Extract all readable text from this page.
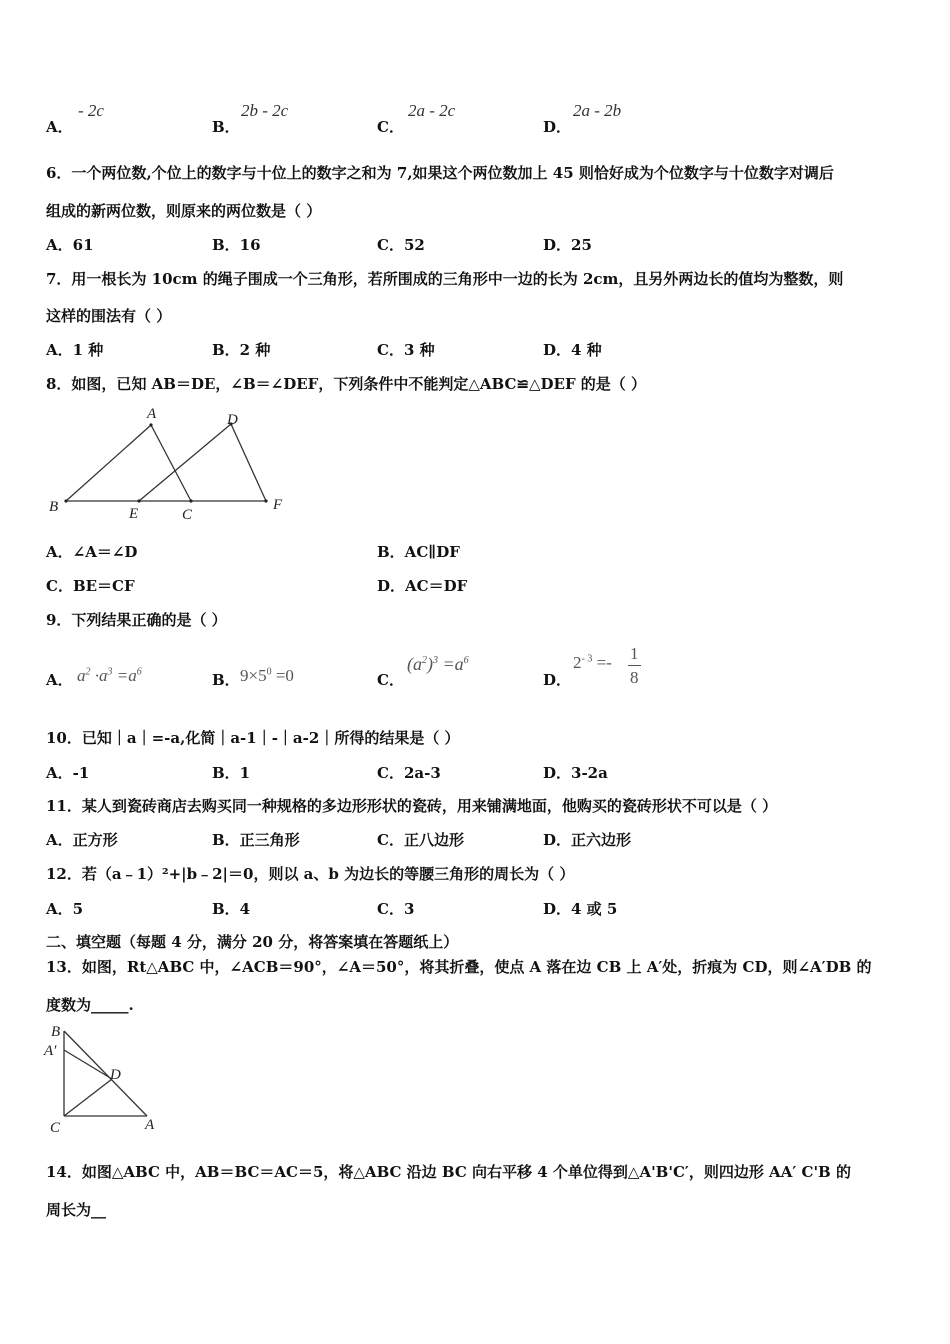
A．
- 2c
B．
2b - 2c
C．
2a - 2c
D．
2a - 2b
6．一个两位数,个位上的数字与十位上的数字之和为 7,如果这个两位数加上 45 则恰好成为个位数字与十位数字对调后
组成的新两位数，则原来的两位数是（ ）
A．61	B．16	C．52	D．25
7．用一根长为 10cm 的绳子围成一个三角形，若所围成的三角形中一边的长为 2cm，且另外两边长的值均为整数，则
这样的围法有（ ）
A．1 种	B．2 种	C．3 种	D．4 种
8．如图，已知 AB＝DE，∠B＝∠DEF，下列条件中不能判定△ABC≌△DEF 的是（ ）
A	D
B	E	C
F
A．∠A＝∠D	B．AC∥DF
C．BE＝CF	D．AC＝DF
9．下列结果正确的是（ ）
A． $a^2 \cdot a^3 =a^6$	B． $9\times 5^0 =0$	C．
$(a^2)^3 =a^6$
D．
$2^{- 3} =- 1$
8
10．已知｜a｜=-a,化简｜a-1｜-｜a-2｜所得的结果是（ ）
A．-1	B．1	C．2a-3	D．3-2a
11．某人到瓷砖商店去购买同一种规格的多边形形状的瓷砖，用来铺满地面，他购买的瓷砖形状不可以是（ ）
A．正方形	B．正三角形	C．正八边形	D．正六边形
12．若（a﹣1）²+|b﹣2|＝0，则以 a、b 为边长的等腰三角形的周长为（ ）
A．5	B．4	C．3	D．4 或 5
二、填空题（每题 4 分，满分 20 分，将答案填在答题纸上）
13．如图，Rt△ABC 中，∠ACB＝90°，∠A＝50°，将其折叠，使点 A 落在边 CB 上 A′处，折痕为 CD，则∠A′DB 的
度数为_____.
B
A′
D
C	A
14．如图△ABC 中，AB＝BC＝AC＝5，将△ABC 沿边 BC 向右平移 4 个单位得到△A'B'C′，则四边形 AA′ C'B 的
周长为__
